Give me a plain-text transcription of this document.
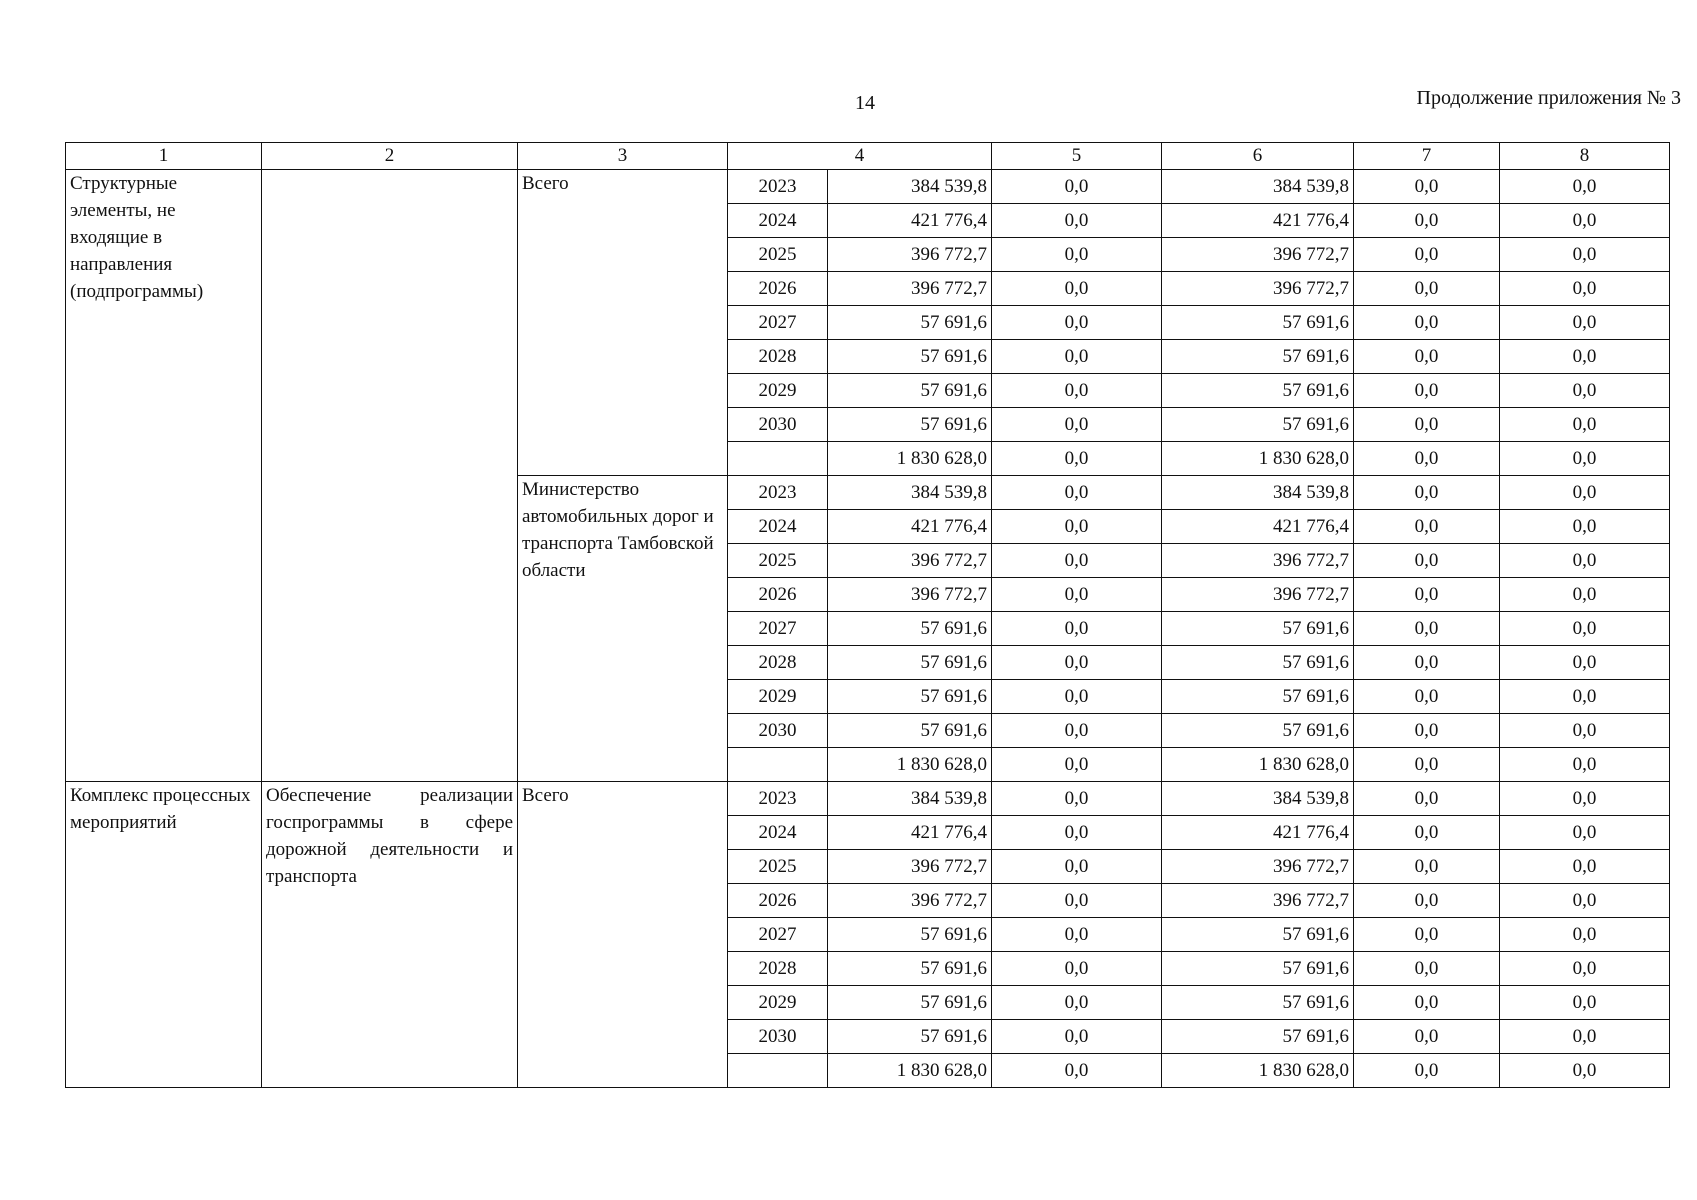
14	Продолжение приложения № 3
1	2	3	4		5	6	7	8
Структурные элементы, не входящие в направления (подпрограммы)		Всего	2023	384 539,8	0,0	384 539,8	0,0	0,0
			2024	421 776,4	0,0	421 776,4	0,0	0,0
			2025	396 772,7	0,0	396 772,7	0,0	0,0
			2026	396 772,7	0,0	396 772,7	0,0	0,0
			2027	57 691,6	0,0	57 691,6	0,0	0,0
			2028	57 691,6	0,0	57 691,6	0,0	0,0
			2029	57 691,6	0,0	57 691,6	0,0	0,0
			2030	57 691,6	0,0	57 691,6	0,0	0,0
				1 830 628,0	0,0	1 830 628,0	0,0	0,0
		Министерство автомобильных дорог и транспорта Тамбовской области	2023	384 539,8	0,0	384 539,8	0,0	0,0
			2024	421 776,4	0,0	421 776,4	0,0	0,0
			2025	396 772,7	0,0	396 772,7	0,0	0,0
			2026	396 772,7	0,0	396 772,7	0,0	0,0
			2027	57 691,6	0,0	57 691,6	0,0	0,0
			2028	57 691,6	0,0	57 691,6	0,0	0,0
			2029	57 691,6	0,0	57 691,6	0,0	0,0
			2030	57 691,6	0,0	57 691,6	0,0	0,0
				1 830 628,0	0,0	1 830 628,0	0,0	0,0
Комплекс процессных мероприятий	Обеспечение реализации госпрограммы в сфере дорожной деятельности и транспорта	Всего	2023	384 539,8	0,0	384 539,8	0,0	0,0
			2024	421 776,4	0,0	421 776,4	0,0	0,0
			2025	396 772,7	0,0	396 772,7	0,0	0,0
			2026	396 772,7	0,0	396 772,7	0,0	0,0
			2027	57 691,6	0,0	57 691,6	0,0	0,0
			2028	57 691,6	0,0	57 691,6	0,0	0,0
			2029	57 691,6	0,0	57 691,6	0,0	0,0
			2030	57 691,6	0,0	57 691,6	0,0	0,0
				1 830 628,0	0,0	1 830 628,0	0,0	0,0
